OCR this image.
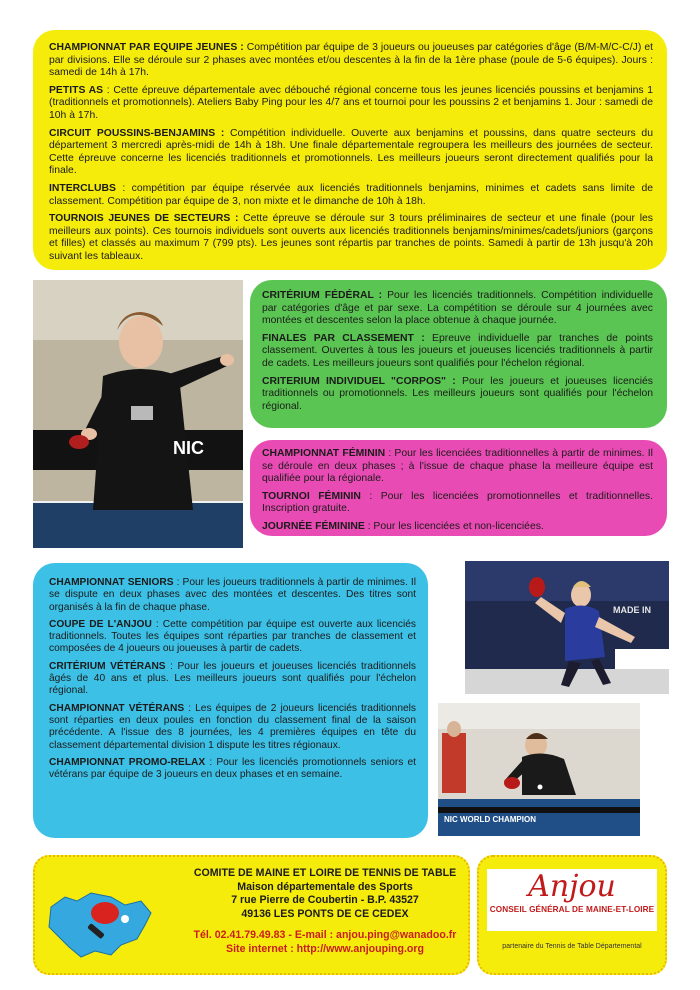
CHAMPIONNAT PAR EQUIPE JEUNES : Compétition par équipe de 3 joueurs ou joueuses par catégories d'âge (B/M-M/C-C/J) et par divisions. Elle se déroule sur 2 phases avec montées et/ou descentes à la fin de la 1ère phase (poule de 5-6 équipes). Jours : samedi de 14h à 17h.

PETITS AS : Cette épreuve départementale avec débouché régional concerne tous les jeunes licenciés poussins et benjamins 1 (traditionnels et promotionnels). Ateliers Baby Ping pour les 4/7 ans et tournoi pour les poussins 2 et benjamins 1. Jour : samedi de 10h à 17h.

CIRCUIT POUSSINS-BENJAMINS : Compétition individuelle. Ouverte aux benjamins et poussins, dans quatre secteurs du département 3 mercredi après-midi de 14h à 18h. Une finale départementale regroupera les meilleurs des journées de secteur. Cette épreuve concerne les licenciés traditionnels et promotionnels. Les meilleurs joueurs seront directement qualifiés pour la finale.

INTERCLUBS : compétition par équipe réservée aux licenciés traditionnels benjamins, minimes et cadets sans limite de classement. Compétition par équipe de 3, non mixte et le dimanche de 10h à 18h.

TOURNOIS JEUNES DE SECTEURS : Cette épreuve se déroule sur 3 tours préliminaires de secteur et une finale (pour les meilleurs aux points). Ces tournois individuels sont ouverts aux licenciés traditionnels benjamins/minimes/cadets/juniors (garçons et filles) et classés au maximum 7 (799 pts). Les jeunes sont répartis par tranches de points. Samedi à partir de 13h jusqu'à 20h suivant les tableaux.

NIC

CRITÉRIUM FÉDÉRAL : Pour les licenciés traditionnels. Compétition individuelle par catégories d'âge et par sexe. La compétition se déroule sur 4 journées avec montées et descentes selon la place obtenue à chaque journée.

FINALES PAR CLASSEMENT : Epreuve individuelle par tranches de points classement. Ouvertes à tous les joueurs et joueuses licenciés traditionnels à partir de cadets. Les meilleurs joueurs sont qualifiés pour l'échelon régional.

CRITERIUM INDIVIDUEL "CORPOS" : Pour les joueurs et joueuses licenciés traditionnels ou promotionnels. Les meilleurs joueurs sont qualifiés pour l'échelon régional.

CHAMPIONNAT FÉMININ : Pour les licenciées traditionnelles à partir de minimes. Il se déroule en deux phases ; à l'issue de chaque phase la meilleure équipe est qualifiée pour la régionale.

TOURNOI FÉMININ : Pour les licenciées promotionnelles et traditionnelles. Inscription gratuite.

JOURNÉE FÉMININE : Pour les licenciées et non-licenciées.

CHAMPIONNAT SENIORS : Pour les joueurs traditionnels à partir de minimes. Il se dispute en deux phases avec des montées et descentes. Des titres sont organisés à la fin de chaque phase.

COUPE DE L'ANJOU : Cette compétition par équipe est ouverte aux licenciés traditionnels. Toutes les équipes sont réparties par tranches de classement et composées de 4 joueurs ou joueuses à partir de cadets.

CRITÉRIUM VÉTÉRANS : Pour les joueurs et joueuses licenciés traditionnels âgés de 40 ans et plus. Les meilleurs joueurs sont qualifiés pour l'échelon régional.

CHAMPIONNAT VÉTÉRANS : Les équipes de 2 joueurs licenciés traditionnels sont réparties en deux poules en fonction du classement final de la saison précédente. A l'issue des 8 journées, les 4 premières équipes en tête du classement départemental division 1 dispute les titres régionaux.

CHAMPIONNAT PROMO-RELAX : Pour les licenciés promotionnels seniors et vétérans par équipe de 3 joueurs en deux phases et en semaine.

MADE IN
NIC WORLD CHAMPION
COMITE DE MAINE ET LOIRE DE TENNIS DE TABLE
Maison départementale des Sports
7 rue Pierre de Coubertin - B.P. 43527
49136 LES PONTS DE CE CEDEX
Tél. 02.41.79.49.83 - E-mail : anjou.ping@wanadoo.fr
Site internet : http://www.anjouping.org
Anjou
CONSEIL GÉNÉRAL DE MAINE-ET-LOIRE
partenaire du Tennis de Table Départemental
